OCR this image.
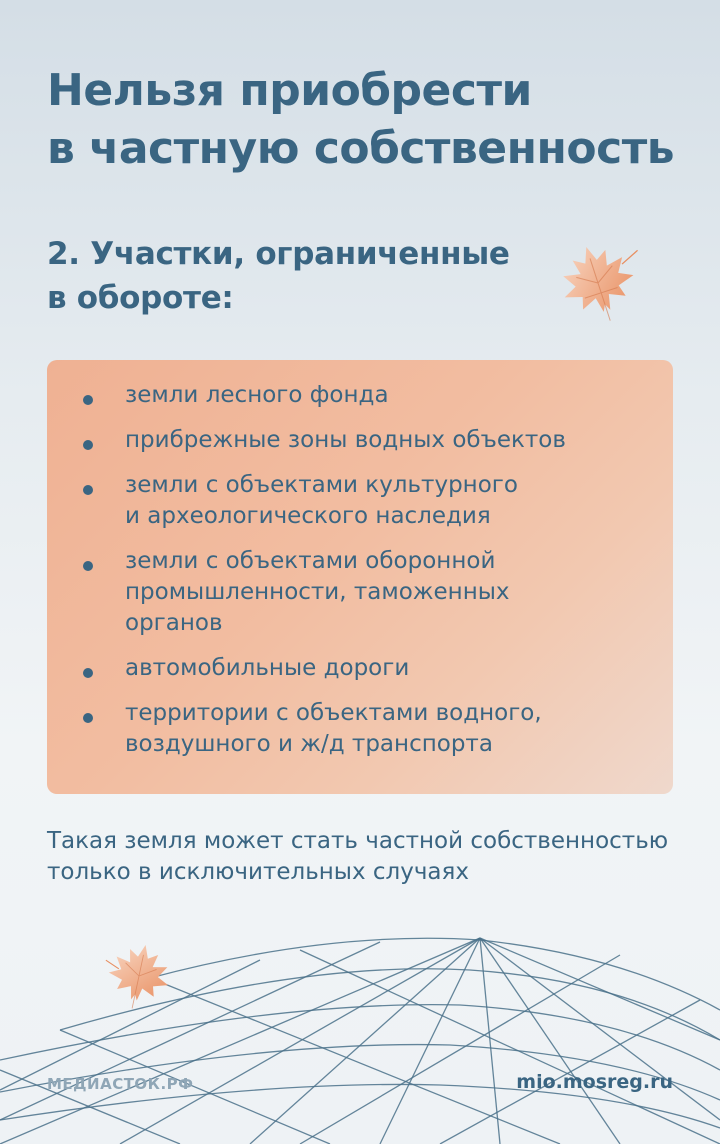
Нельзя приобрести
в частную собственность
2. Участки, ограниченные
в обороте:
земли лесного фонда
прибрежные зоны водных объектов
земли с объектами культурного
и археологического наследия
земли с объектами оборонной
промышленности, таможенных
органов
автомобильные дороги
территории с объектами водного,
воздушного и ж/д транспорта

Такая земля может стать частной собственностью только в исключительных случаях

МЕДИАСТОК.РФ	mio.mosreg.ru
